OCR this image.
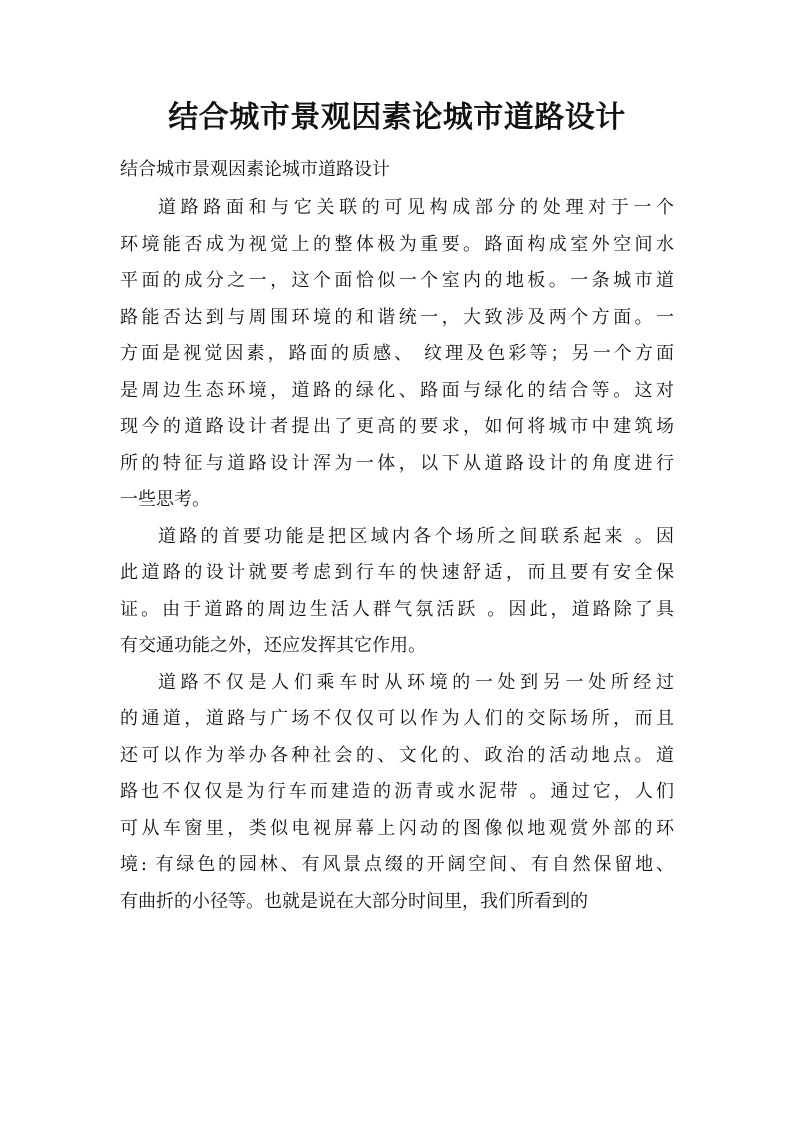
结合城市景观因素论城市道路设计
结合城市景观因素论城市道路设计

道路路面和与它关联的可见构成部分的处理对于一个
环境能否成为视觉上的整体极为重要。路面构成室外空间水
平面的成分之一，这个面恰似一个室内的地板。一条城市道
路能否达到与周围环境的和谐统一，大致涉及两个方面。一
方面是视觉因素，路面的质感、 纹理及色彩等；另一个方面
是周边生态环境，道路的绿化、路面与绿化的结合等。这对
现今的道路设计者提出了更高的要求，如何将城市中建筑场
所的特征与道路设计浑为一体，以下从道路设计的角度进行
一些思考。

道路的首要功能是把区域内各个场所之间联系起来 。因
此道路的设计就要考虑到行车的快速舒适，而且要有安全保
证。由于道路的周边生活人群气氛活跃 。因此，道路除了具
有交通功能之外，还应发挥其它作用。

道路不仅是人们乘车时从环境的一处到另一处所经过
的通道，道路与广场不仅仅可以作为人们的交际场所，而且
还可以作为举办各种社会的、文化的、政治的活动地点。道
路也不仅仅是为行车而建造的沥青或水泥带 。通过它，人们
可从车窗里，类似电视屏幕上闪动的图像似地观赏外部的环
境: 有绿色的园林、有风景点缀的开阔空间、有自然保留地、
有曲折的小径等。也就是说在大部分时间里，我们所看到的
